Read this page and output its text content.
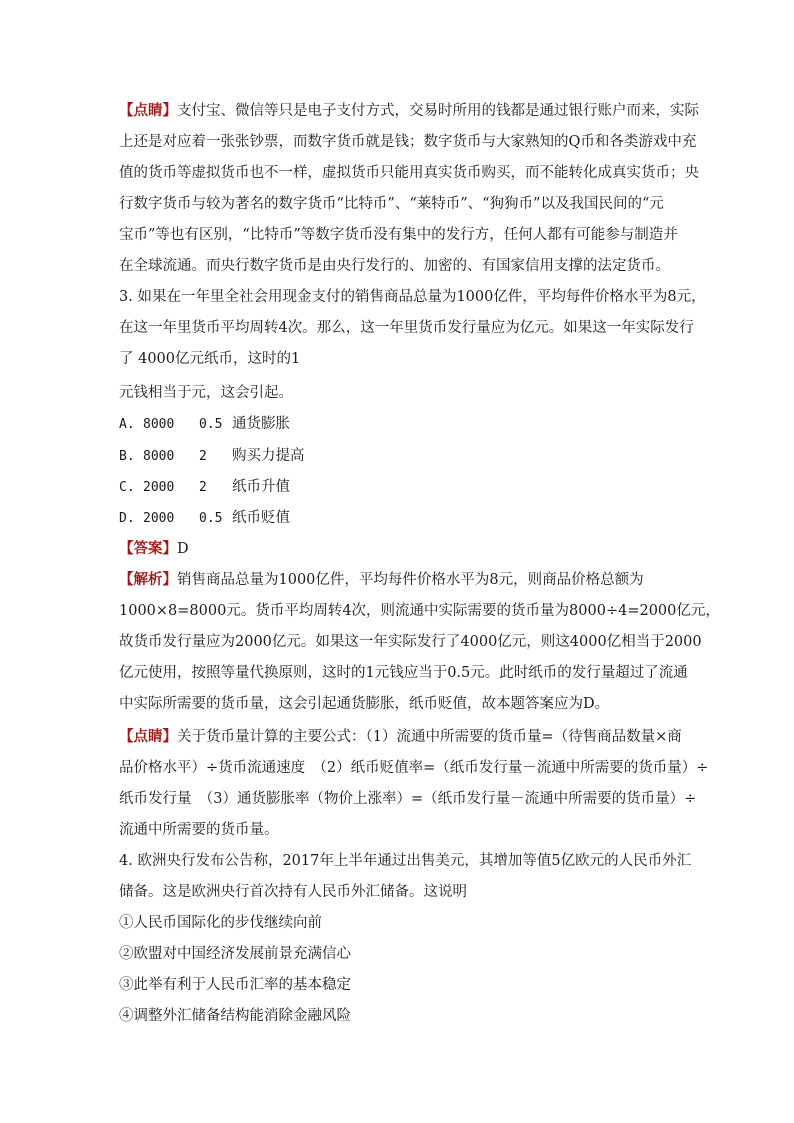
【点睛】支付宝、微信等只是电子支付方式，交易时所用的钱都是通过银行账户而来，实际
上还是对应着一张张钞票，而数字货币就是钱；数字货币与大家熟知的Q币和各类游戏中充
值的货币等虚拟货币也不一样，虚拟货币只能用真实货币购买，而不能转化成真实货币；央
行数字货币与较为著名的数字货币“比特币”、“莱特币”、“狗狗币”以及我国民间的“元
宝币”等也有区别，“比特币”等数字货币没有集中的发行方，任何人都有可能参与制造并
在全球流通。而央行数字货币是由央行发行的、加密的、有国家信用支撑的法定货币。
3. 如果在一年里全社会用现金支付的销售商品总量为1000亿件，平均每件价格水平为8元，
在这一年里货币平均周转4次。那么，这一年里货币发行量应为亿元。如果这一年实际发行
了 4000亿元纸币，这时的1
元钱相当于元，这会引起。
A. 8000 0.5 通货膨胀
B. 8000 2 购买力提高
C. 2000 2 纸币升值
D. 2000 0.5 纸币贬值
【答案】D
【解析】销售商品总量为1000亿件，平均每件价格水平为8元，则商品价格总额为
1000×8=8000元。货币平均周转4次，则流通中实际需要的货币量为8000÷4=2000亿元，
故货币发行量应为2000亿元。如果这一年实际发行了4000亿元，则这4000亿相当于2000
亿元使用，按照等量代换原则，这时的1元钱应当于0.5元。此时纸币的发行量超过了流通
中实际所需要的货币量，这会引起通货膨胀，纸币贬值，故本题答案应为D。
【点睛】关于货币量计算的主要公式：（1）流通中所需要的货币量=（待售商品数量×商
品价格水平）÷货币流通速度　（2）纸币贬值率=（纸币发行量－流通中所需要的货币量）÷
纸币发行量　（3）通货膨胀率（物价上涨率）=（纸币发行量－流通中所需要的货币量）÷
流通中所需要的货币量。
4. 欧洲央行发布公告称，2017年上半年通过出售美元，其增加等值5亿欧元的人民币外汇
储备。这是欧洲央行首次持有人民币外汇储备。这说明
①人民币国际化的步伐继续向前
②欧盟对中国经济发展前景充满信心
③此举有利于人民币汇率的基本稳定
④调整外汇储备结构能消除金融风险
